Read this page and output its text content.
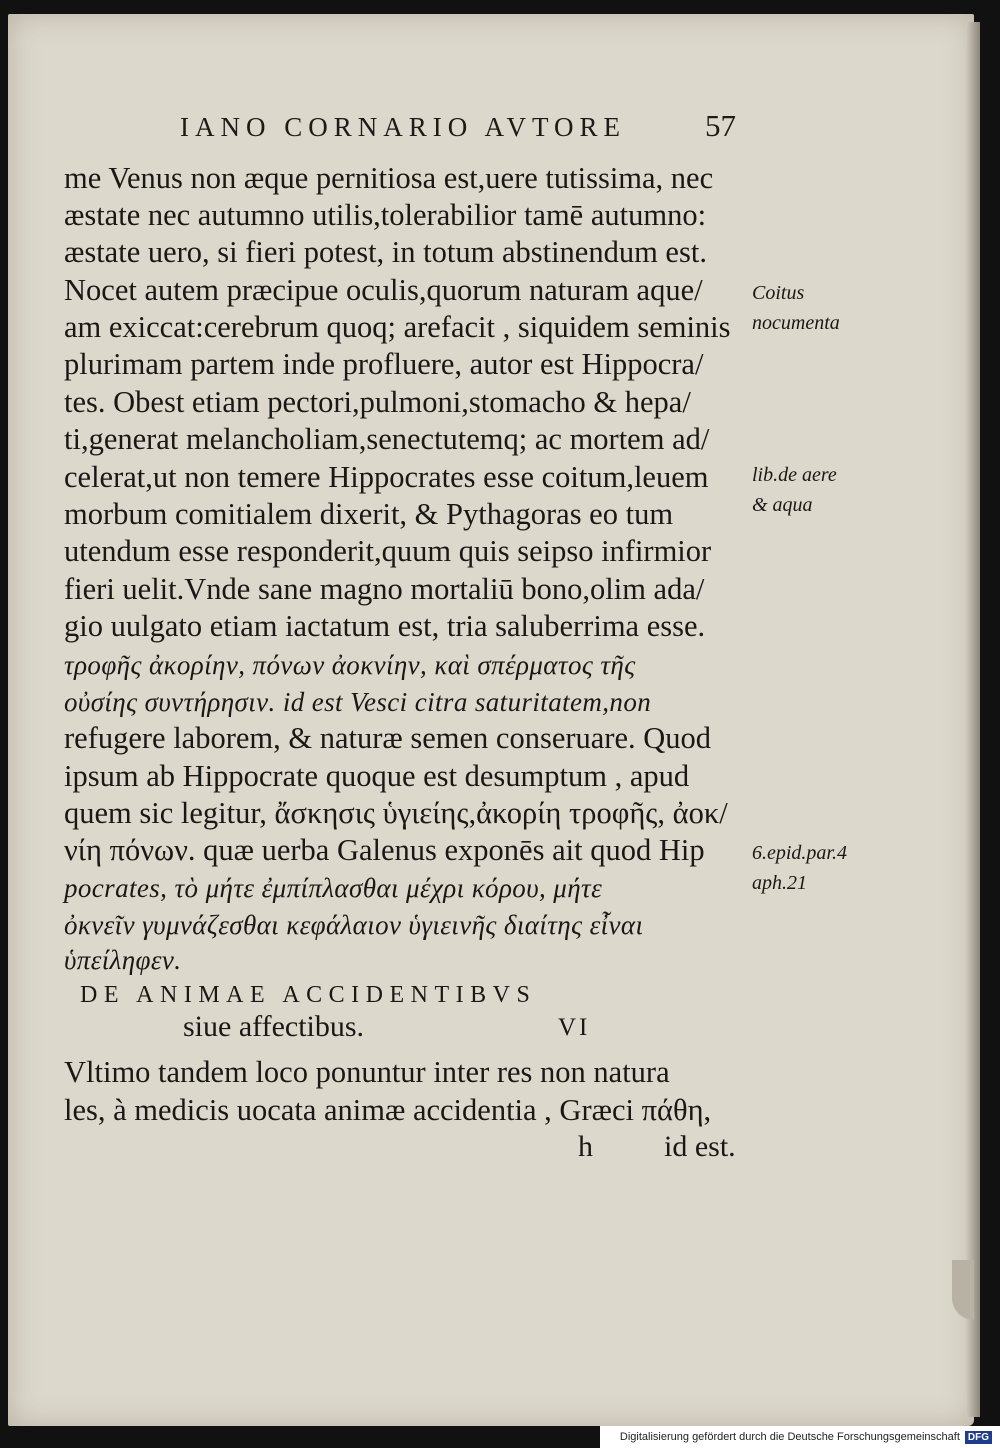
IANO CORNARIO AVTORE	57
me Venus non æque pernitiosa est,uere tutissima, nec
æstate nec autumno utilis,tolerabilior tamē autumno:
æstate uero, si fieri potest, in totum abstinendum est.
Nocet autem præcipue oculis,quorum naturam aque/
am exiccat:cerebrum quoq; arefacit , siquidem seminis
plurimam partem inde profluere, autor est Hippocra/
tes. Obest etiam pectori,pulmoni,stomacho & hepa/
ti,generat melancholiam,senectutemq; ac mortem ad/
celerat,ut non temere Hippocrates esse coitum,leuem
morbum comitialem dixerit, & Pythagoras eo tum
utendum esse responderit,quum quis seipso infirmior
fieri uelit.Vnde sane magno mortaliū bono,olim ada/
gio uulgato etiam iactatum est, tria saluberrima esse.
τροφῆς ἀκορίην, πόνων ἀοκνίην, καὶ σπέρματος τῆς
οὐσίης συντήρησιν. id est Vesci citra saturitatem,non
refugere laborem, & naturæ semen conseruare. Quod
ipsum ab Hippocrate quoque est desumptum , apud
quem sic legitur, ἄσκησις ὑγιείης,ἀκορίη τροφῆς, ἀοκ/
νίη πόνων. quæ uerba Galenus exponēs ait quod Hip
pocrates, τὸ μήτε ἐμπίπλασθαι μέχρι κόρου, μήτε
ὀκνεῖν γυμνάζεσθαι κεφάλαιον ὑγιεινῆς διαίτης εἶναι
ὑπείληφεν.
Coitus
nocumenta
lib.de aere
& aqua
6.epid.par.4
aph.21
DE ANIMAE ACCIDENTIBVS
siue affectibus.	VI
Vltimo tandem loco ponuntur inter res non natura
les, à medicis uocata animæ accidentia , Græci πάθη,
h id est.
Digitalisierung gefördert durch die Deutsche Forschungsgemeinschaft DFG
